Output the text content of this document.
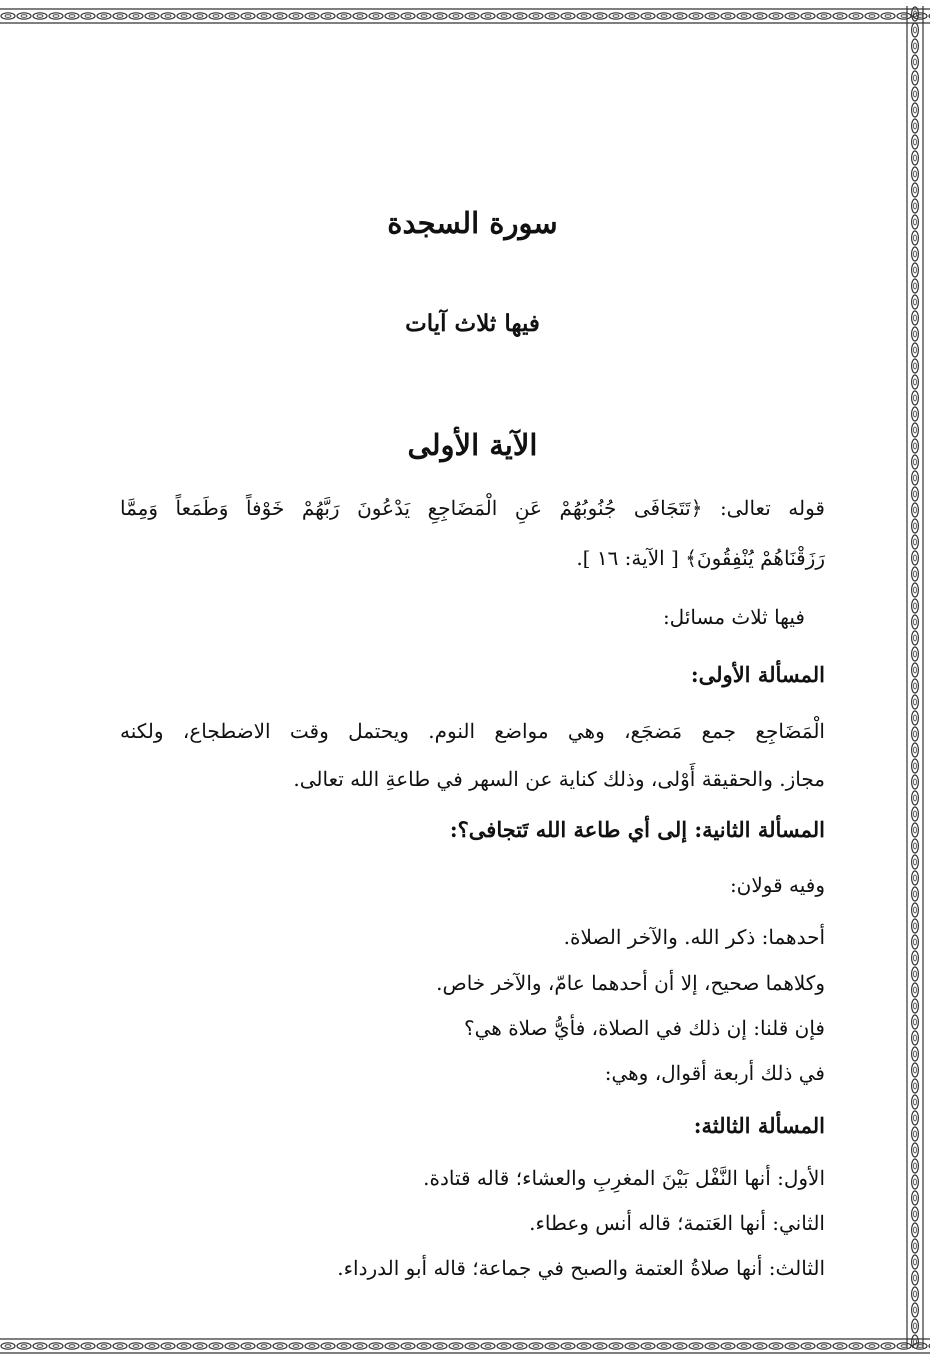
سورة السجدة
فيها ثلاث آيات
الآية الأولى
قوله تعالى: ﴿تَتَجَافَى جُنُوبُهُمْ عَنِ الْمَضَاجِعِ يَدْعُونَ رَبَّهُمْ خَوْفاً وَطَمَعاً وَمِمَّا
رَزَقْنَاهُمْ يُنْفِقُونَ﴾ [ الآية: ١٦ ].
فيها ثلاث مسائل:
المسألة الأولى:
الْمَضَاجِع جمع مَضجَع، وهي مواضع النوم. ويحتمل وقت الاضطجاع، ولكنه
مجاز. والحقيقة أَوْلى، وذلك كناية عن السهر في طاعةِ الله تعالى.
المسألة الثانية: إلى أي طاعة الله تَتجافى؟:
وفيه قولان:
أحدهما: ذكر الله. والآخر الصلاة.
وكلاهما صحيح، إلا أن أحدهما عامّ، والآخر خاص.
فإن قلنا: إن ذلك في الصلاة، فأيُّ صلاة هي؟
في ذلك أربعة أقوال، وهي:
المسألة الثالثة:
الأول: أنها النَّفْل بَيْنَ المغرِبِ والعشاء؛ قاله قتادة.
الثاني: أنها العَتمة؛ قاله أنس وعطاء.
الثالث: أنها صلاةُ العتمة والصبح في جماعة؛ قاله أبو الدرداء.
